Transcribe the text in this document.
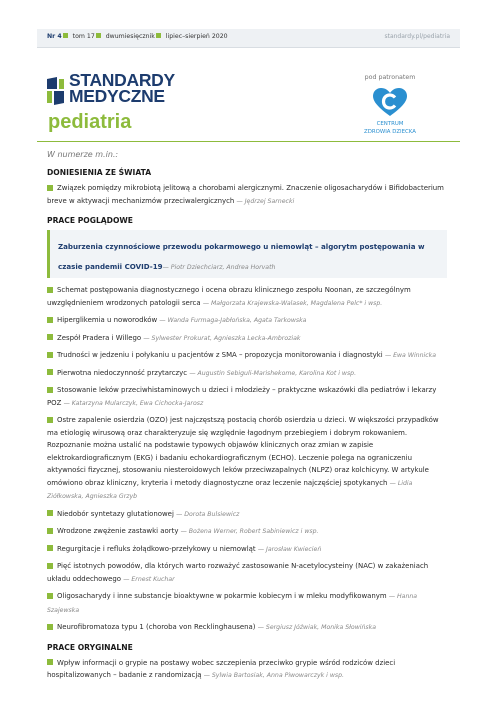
Nr 4 tom 17 dwumiesięcznik lipiec–sierpień 2020	standardy.pl/pediatria
STANDARDY
MEDYCZNE
pediatria
pod patronatem
CENTRUM
ZDROWIA DZIECKA
W numerze m.in.:
DONIESIENIA ZE ŚWIATA
Związek pomiędzy mikrobiotą jelitową a chorobami alergicznymi. Znaczenie oligosacharydów i Bifidobacterium breve w aktywacji mechanizmów przeciwalergicznych — Jędrzej Sarnecki
PRACE POGLĄDOWE
Zaburzenia czynnościowe przewodu pokarmowego u niemowląt – algorytm postępowania w czasie pandemii COVID-19— Piotr Dziechciarz, Andrea Horvath
Schemat postępowania diagnostycznego i ocena obrazu klinicznego zespołu Noonan, ze szczególnym uwzględnieniem wrodzonych patologii serca — Małgorzata Krajewska-Walasek, Magdalena Pelc* i wsp.
Hiperglikemia u noworodków — Wanda Furmaga-Jabłońska, Agata Tarkowska
Zespół Pradera i Willego — Sylwester Prokurat, Agnieszka Lecka-Ambroziak
Trudności w jedzeniu i połykaniu u pacjentów z SMA – propozycja monitorowania i diagnostyki — Ewa Winnicka
Pierwotna niedoczynność przytarczyc — Augustin Sebiguli-Marishekome, Karolina Kot i wsp.
Stosowanie leków przeciwhistaminowych u dzieci i młodzieży – praktyczne wskazówki dla pediatrów i lekarzy POZ — Katarzyna Mularczyk, Ewa Cichocka-Jarosz
Ostre zapalenie osierdzia (OZO) jest najczęstszą postacią chorób osierdzia u dzieci. W większości przypadków ma etiologię wirusową oraz charakteryzuje się względnie łagodnym przebiegiem i dobrym rokowaniem. Rozpoznanie można ustalić na podstawie typowych objawów klinicznych oraz zmian w zapisie elektrokardiograficznym (EKG) i badaniu echokardiograficznym (ECHO). Leczenie polega na ograniczeniu aktywności fizycznej, stosowaniu niesteroidowych leków przeciwzapalnych (NLPZ) oraz kolchicyny. W artykule omówiono obraz kliniczny, kryteria i metody diagnostyczne oraz leczenie najczęściej spotykanych — Lidia Ziółkowska, Agnieszka Grzyb
Niedobór syntetazy glutationowej — Dorota Bulsiewicz
Wrodzone zwężenie zastawki aorty — Bożena Werner, Robert Sabiniewicz i wsp.
Regurgitacje i refluks żołądkowo-przełykowy u niemowląt — Jarosław Kwiecień
Pięć istotnych powodów, dla których warto rozważyć zastosowanie N-acetylocysteiny (NAC) w zakażeniach układu oddechowego — Ernest Kuchar
Oligosacharydy i inne substancje bioaktywne w pokarmie kobiecym i w mleku modyfikowanym — Hanna Szajewska
Neurofibromatoza typu 1 (choroba von Recklinghausena) — Sergiusz Jóźwiak, Monika Słowińska
PRACE ORYGINALNE
Wpływ informacji o grypie na postawy wobec szczepienia przeciwko grypie wśród rodziców dzieci hospitalizowanych – badanie z randomizacją — Sylwia Bartosiak, Anna Piwowarczyk i wsp.
